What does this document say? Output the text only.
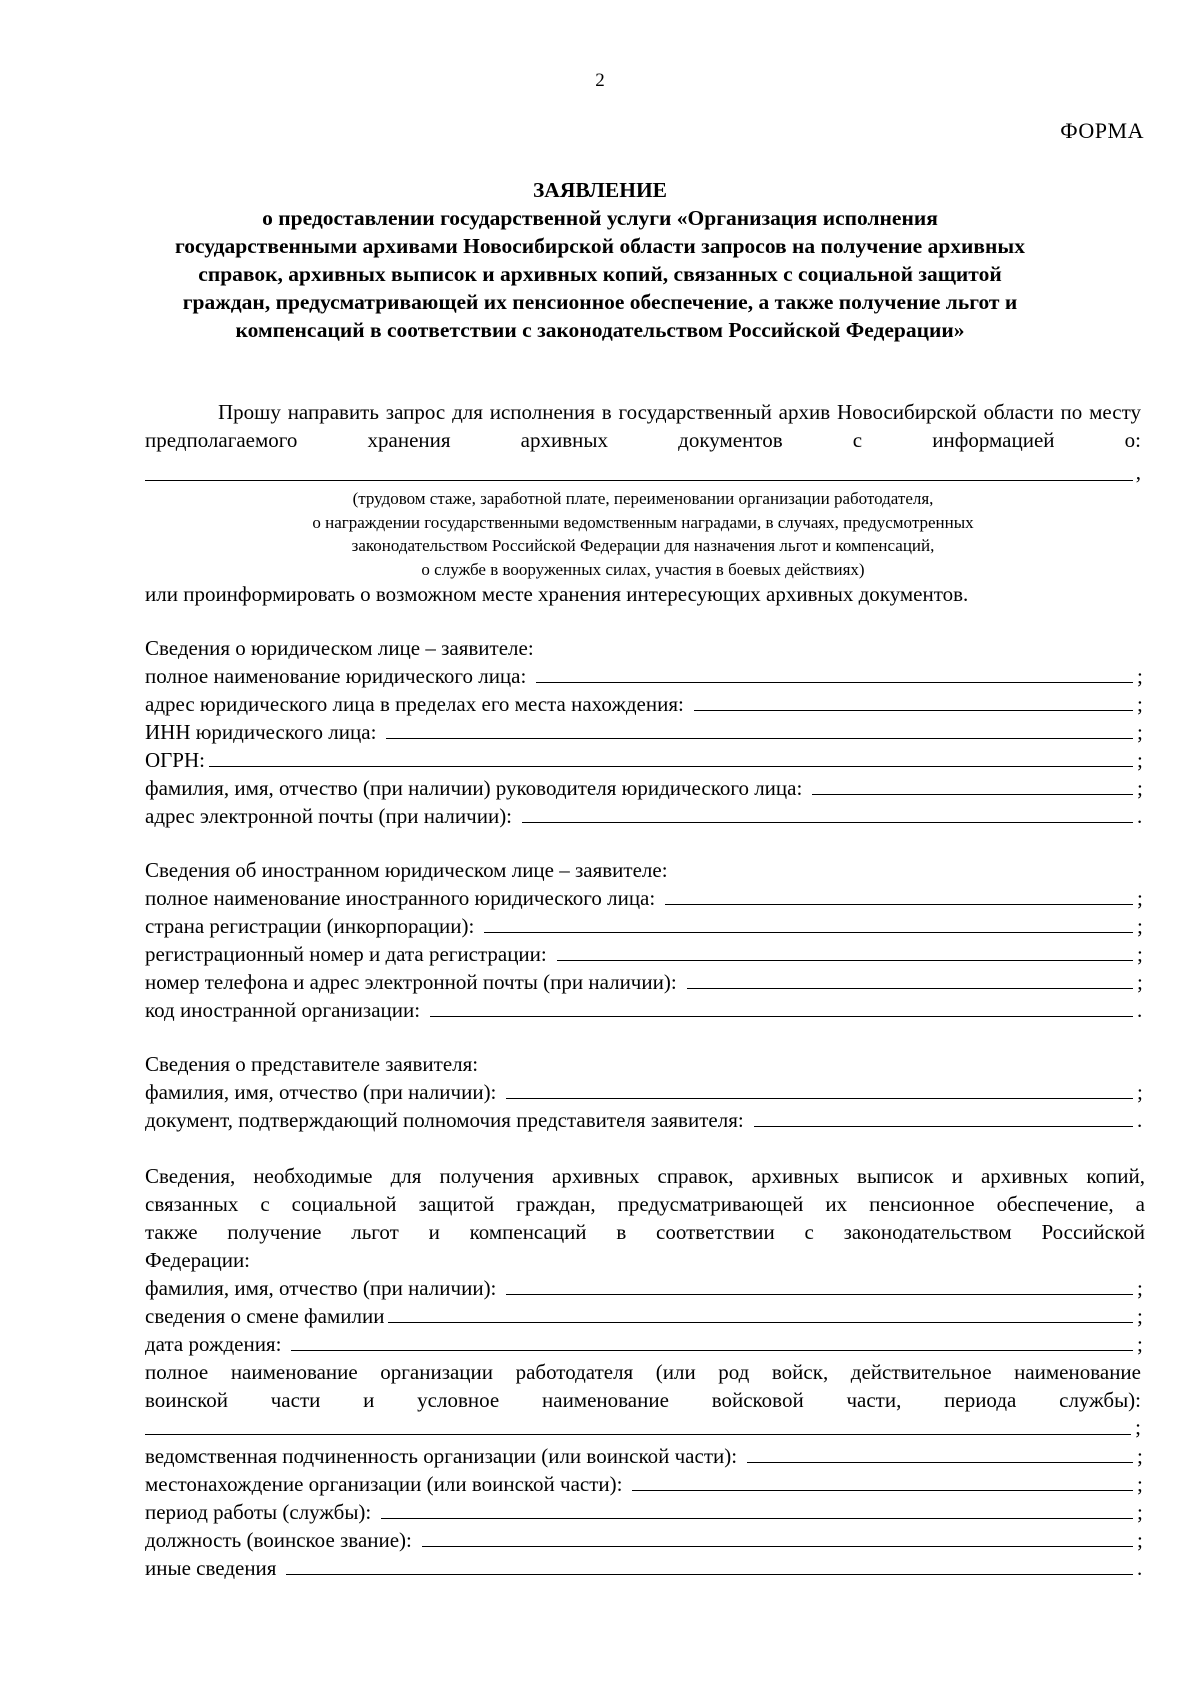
2
ФОРМА
ЗАЯВЛЕНИЕ
о предоставлении государственной услуги «Организация исполнения
государственными архивами Новосибирской области запросов на получение архивных
справок, архивных выписок и архивных копий, связанных с социальной защитой
граждан, предусматривающей их пенсионное обеспечение, а также получение льгот и
компенсаций в соответствии с законодательством Российской Федерации»
Прошу направить запрос для исполнения в государственный архив Новосибирской области по месту предполагаемого хранения архивных документов с информацией о:
,
(трудовом стаже, заработной плате, переименовании организации работодателя,
о награждении государственными ведомственным наградами, в случаях, предусмотренных
законодательством Российской Федерации для назначения льгот и компенсаций,
о службе в вооруженных силах, участия в боевых действиях)
или проинформировать о возможном месте хранения интересующих архивных документов.
Сведения о юридическом лице – заявителе:
полное наименование юридического лица:	;
адрес юридического лица в пределах его места нахождения:	;
ИНН юридического лица:	;
ОГРН:	;
фамилия, имя, отчество (при наличии) руководителя юридического лица:	;
адрес электронной почты (при наличии):	.
Сведения об иностранном юридическом лице – заявителе:
полное наименование иностранного юридического лица:	;
страна регистрации (инкорпорации):	;
регистрационный номер и дата регистрации:	;
номер телефона и адрес электронной почты (при наличии):	;
код иностранной организации:	.
Сведения о представителе заявителя:
фамилия, имя, отчество (при наличии):	;
документ, подтверждающий полномочия представителя заявителя:	.
Сведения, необходимые для получения архивных справок, архивных выписок и архивных копий,
связанных с социальной защитой граждан, предусматривающей их пенсионное обеспечение, а
также получение льгот и компенсаций в соответствии с законодательством Российской
Федерации:
фамилия, имя, отчество (при наличии):	;
сведения о смене фамилии	;
дата рождения:	;
полное наименование организации работодателя (или род войск, действительное наименование
воинской части и условное наименование войсковой части, периода службы):
;
ведомственная подчиненность организации (или воинской части):	;
местонахождение организации (или воинской части):	;
период работы (службы):	;
должность (воинское звание):	;
иные сведения	.
